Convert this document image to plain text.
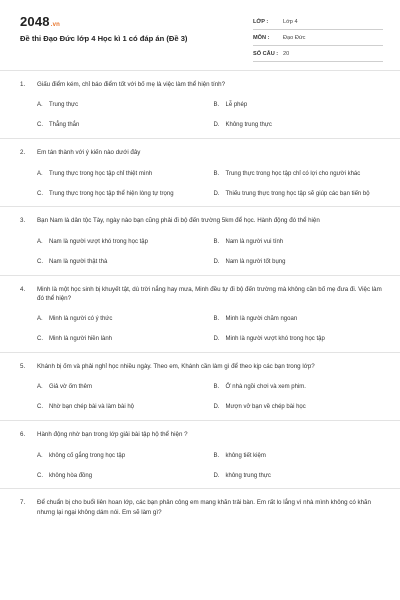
2048.vn
Đề thi Đạo Đức lớp 4 Học kì 1 có đáp án (Đề 3)
LỚP :	Lớp 4
MÔN :	Đạo Đức
SỐ CÂU : 20
1.	Giấu điểm kém, chỉ báo điểm tốt với bố mẹ là việc làm thể hiện tính?
A.	Trung thực	B.	Lễ phép
C.	Thẳng thắn	D.	Không trung thực
2.	Em tán thành với ý kiến nào dưới đây
A.	Trung thực trong học tập chỉ thiệt mình	B.	Trung thực trong học tập chỉ có lợi cho người khác
C.	Trung thực trong học tập thể hiện lòng tự trọng	D.	Thiếu trung thực trong học tập sẽ giúp các bạn tiến bộ
3.	Bạn Nam là dân tộc Tày, ngày nào bạn cũng phải đi bộ đến trường 5km để học. Hành động đó thể hiện
A.	Nam là người vượt khó trong học tập	B.	Nam là người vui tính
C.	Nam là người thật thà	D.	Nam là người tốt bụng
4.	Minh là một học sinh bị khuyết tật, dù trời nắng hay mưa, Minh đều tự đi bộ đến trường mà không cần bố mẹ đưa đi. Việc làm đó thể hiện?
A.	Minh là người có ý thức	B.	Minh là người chăm ngoan
C.	Minh là người hiền lành	D.	Minh là người vượt khó trong học tập
5.	Khánh bị ốm và phải nghỉ học nhiều ngày. Theo em, Khánh cần làm gì để theo kịp các bạn trong lớp?
A.	Giả vờ ốm thêm	B.	Ở nhà ngồi chơi và xem phim.
C.	Nhờ bạn chép bài và làm bài hộ	D.	Mượn vở bạn về chép bài học
6.	Hành động nhờ bạn trong lớp giải bài tập hộ thể hiện ?
A.	không cố gắng trong học tập	B.	không tiết kiệm
C.	không hòa đồng	D.	không trung thực
7.	Để chuẩn bị cho buổi liên hoan lớp, các bạn phân công em mang khăn trải bàn. Em rất lo lắng vì nhà mình không có khăn nhưng lại ngại không dám nói. Em sẽ làm gì?
